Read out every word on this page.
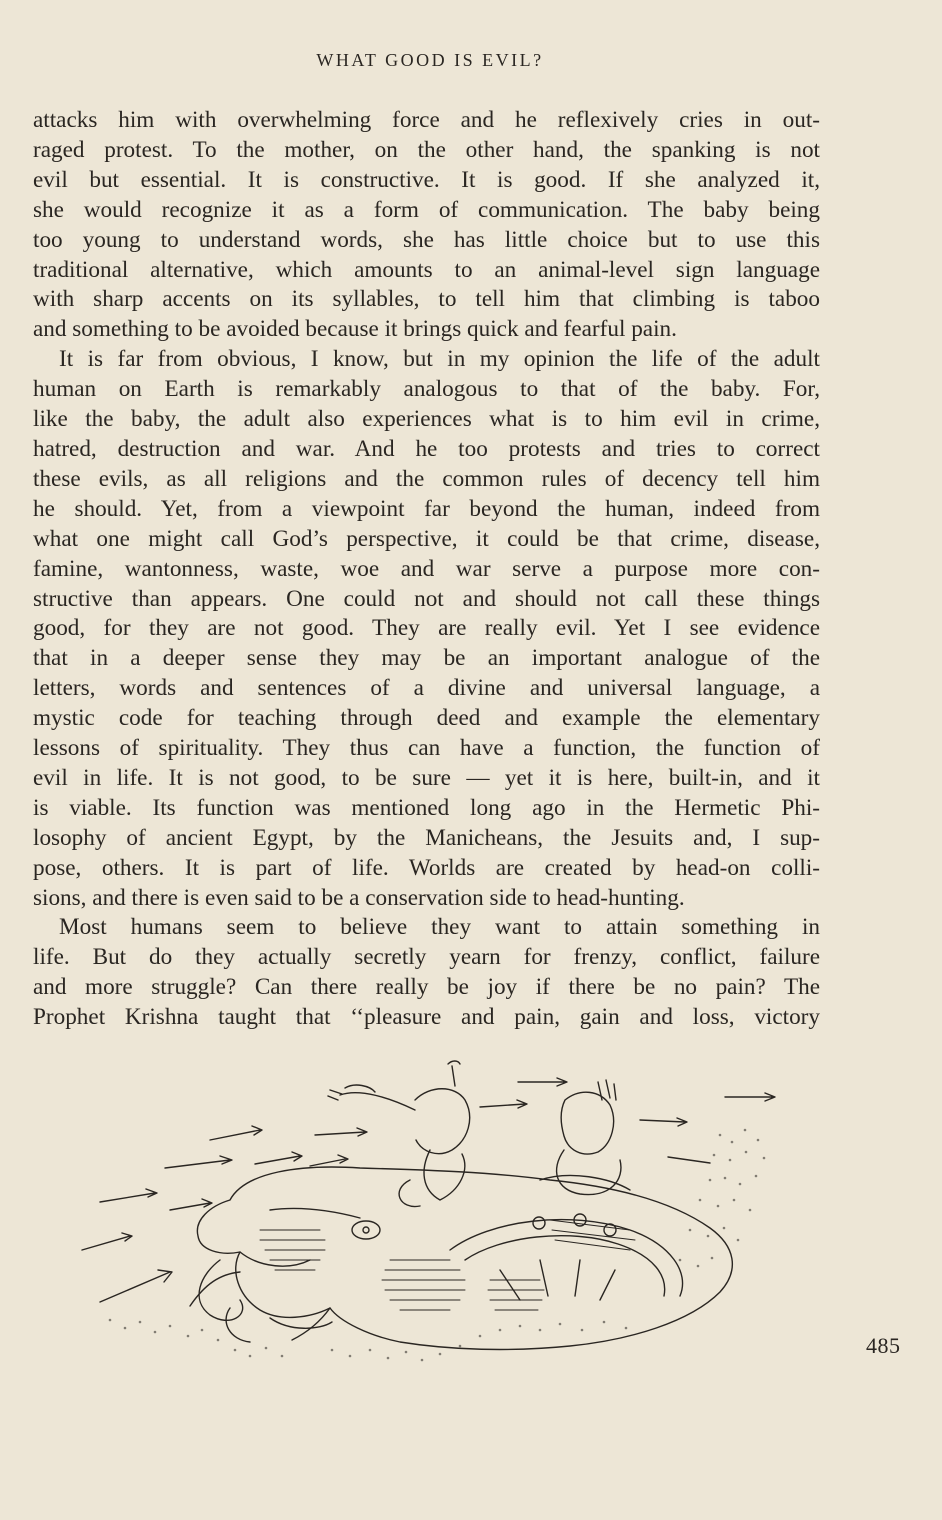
WHAT GOOD IS EVIL?
attacks him with overwhelming force and he reflexively cries in out-
raged protest. To the mother, on the other hand, the spanking is not
evil but essential. It is constructive. It is good. If she analyzed it,
she would recognize it as a form of communication. The baby being
too young to understand words, she has little choice but to use this
traditional alternative, which amounts to an animal-level sign language
with sharp accents on its syllables, to tell him that climbing is taboo
and something to be avoided because it brings quick and fearful pain.
It is far from obvious, I know, but in my opinion the life of the adult
human on Earth is remarkably analogous to that of the baby. For,
like the baby, the adult also experiences what is to him evil in crime,
hatred, destruction and war. And he too protests and tries to correct
these evils, as all religions and the common rules of decency tell him
he should. Yet, from a viewpoint far beyond the human, indeed from
what one might call God’s perspective, it could be that crime, disease,
famine, wantonness, waste, woe and war serve a purpose more con-
structive than appears. One could not and should not call these things
good, for they are not good. They are really evil. Yet I see evidence
that in a deeper sense they may be an important analogue of the
letters, words and sentences of a divine and universal language, a
mystic code for teaching through deed and example the elementary
lessons of spirituality. They thus can have a function, the function of
evil in life. It is not good, to be sure — yet it is here, built-in, and it
is viable. Its function was mentioned long ago in the Hermetic Phi-
losophy of ancient Egypt, by the Manicheans, the Jesuits and, I sup-
pose, others. It is part of life. Worlds are created by head-on colli-
sions, and there is even said to be a conservation side to head-hunting.
Most humans seem to believe they want to attain something in
life. But do they actually secretly yearn for frenzy, conflict, failure
and more struggle? Can there really be joy if there be no pain? The
Prophet Krishna taught that ‘‘pleasure and pain, gain and loss, victory
485
